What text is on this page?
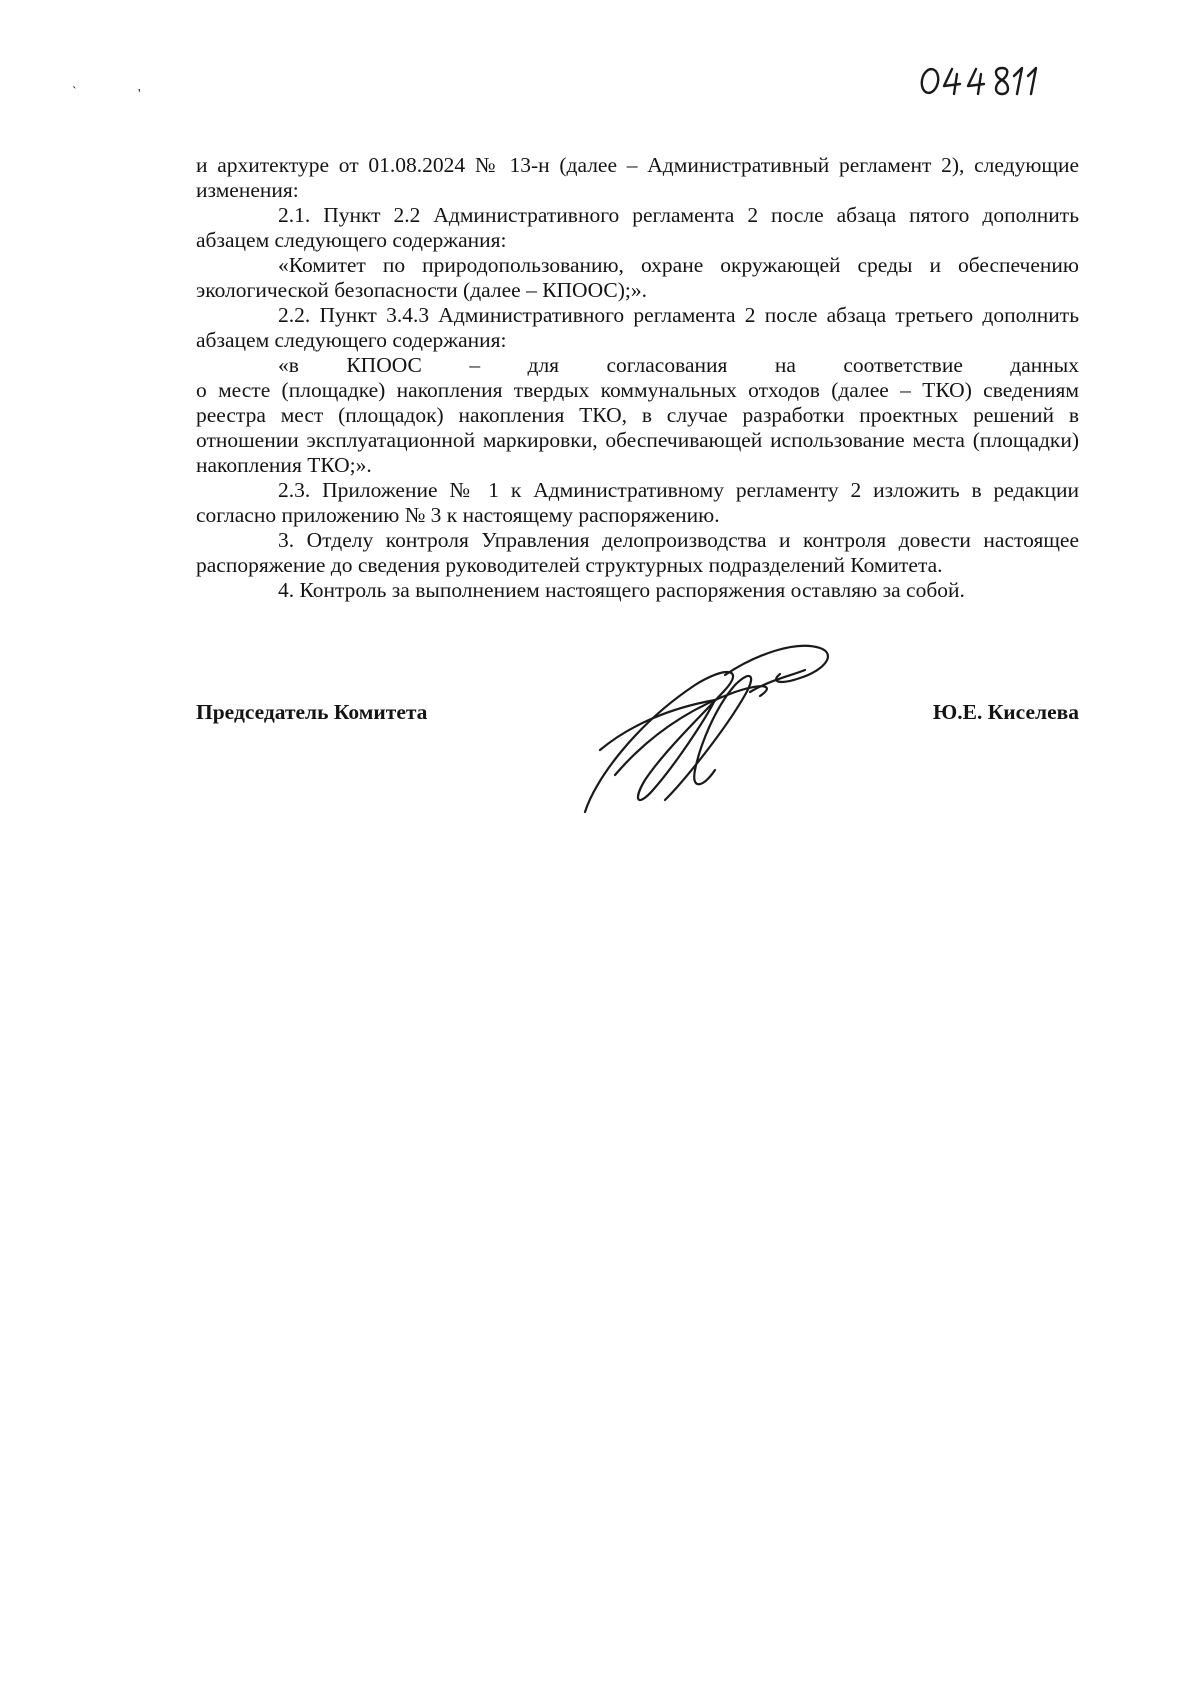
`	'

и архитектуре от 01.08.2024 № 13-н (далее – Административный регламент 2), следующие изменения:

2.1. Пункт 2.2 Административного регламента 2 после абзаца пятого дополнить абзацем следующего содержания:

«Комитет по природопользованию, охране окружающей среды и обеспечению экологической безопасности (далее – КПООС);».

2.2. Пункт 3.4.3 Административного регламента 2 после абзаца третьего дополнить абзацем следующего содержания:

«в КПООС – для согласования на соответствие данных

о месте (площадке) накопления твердых коммунальных отходов (далее – ТКО) сведениям реестра мест (площадок) накопления ТКО, в случае разработки проектных решений в отношении эксплуатационной маркировки, обеспечивающей использование места (площадки) накопления ТКО;».

2.3. Приложение № 1 к Административному регламенту 2 изложить в редакции согласно приложению № 3 к настоящему распоряжению.

3. Отделу контроля Управления делопроизводства и контроля довести настоящее распоряжение до сведения руководителей структурных подразделений Комитета.

4. Контроль за выполнением настоящего распоряжения оставляю за собой.

Председатель Комитета	Ю.Е. Киселева
